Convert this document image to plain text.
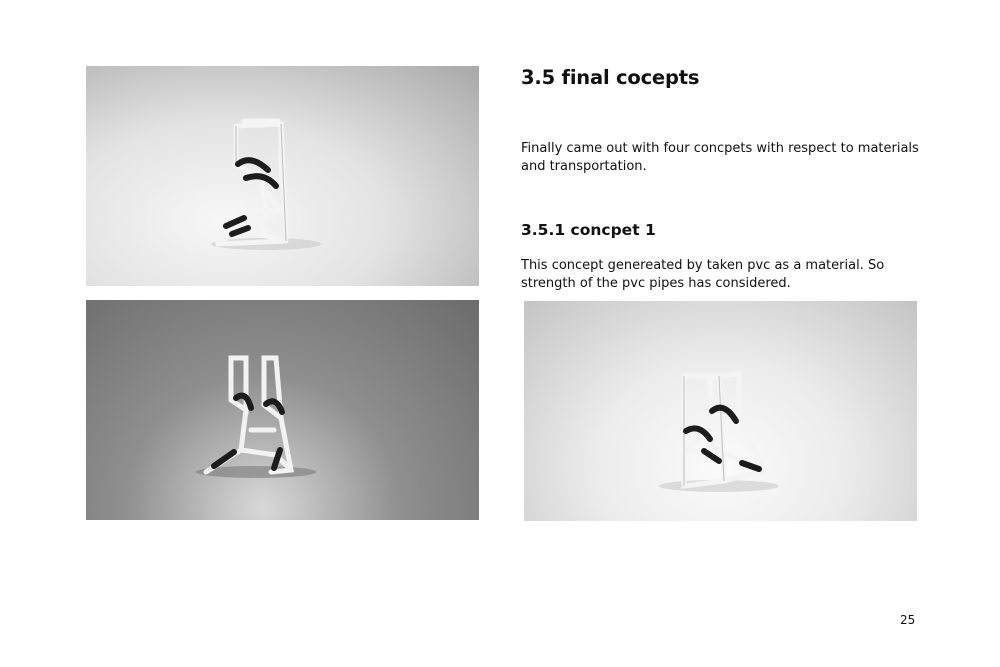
3.5 final cocepts
Finally came out with four concpets with respect to materials and transportation.
3.5.1 concpet 1
This concept genereated by taken pvc as a material. So strength of the pvc pipes has considered.
25
